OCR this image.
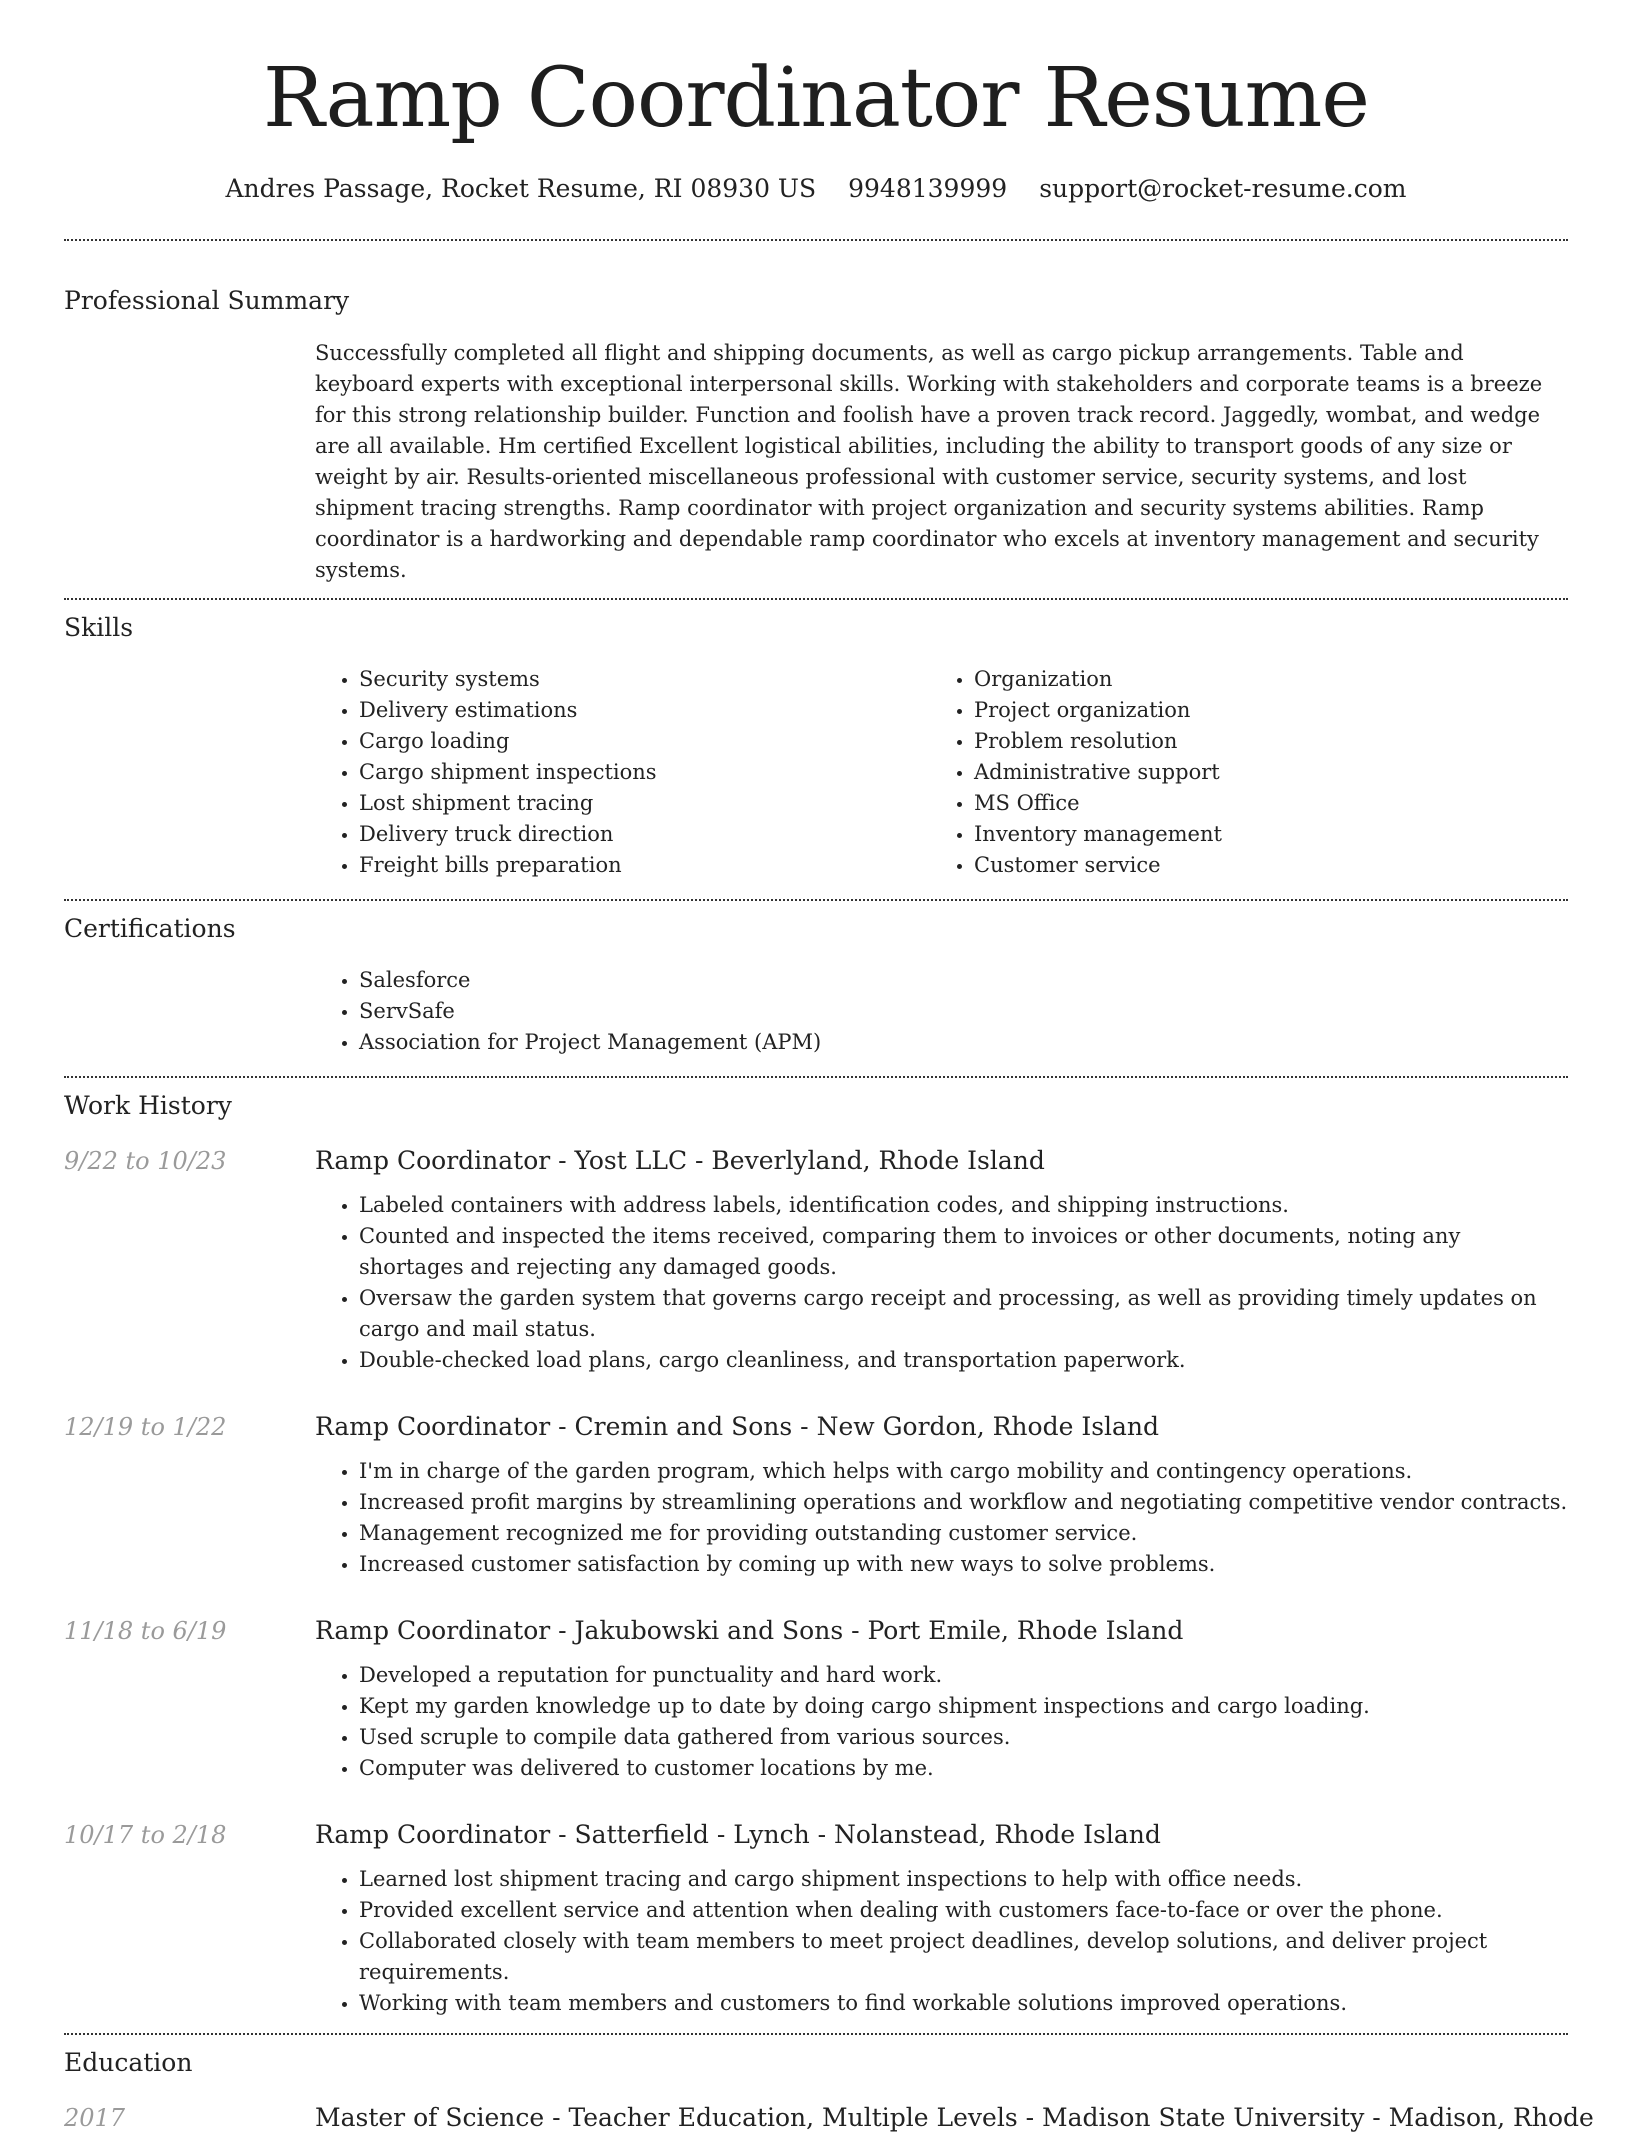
Ramp Coordinator Resume
Andres Passage, Rocket Resume, RI 08930 US 9948139999 support@rocket-resume.com
Professional Summary

Successfully completed all flight and shipping documents, as well as cargo pickup arrangements. Table and keyboard experts with exceptional interpersonal skills. Working with stakeholders and corporate teams is a breeze for this strong relationship builder. Function and foolish have a proven track record. Jaggedly, wombat, and wedge are all available. Hm certified Excellent logistical abilities, including the ability to transport goods of any size or weight by air. Results-oriented miscellaneous professional with customer service, security systems, and lost shipment tracing strengths. Ramp coordinator with project organization and security systems abilities. Ramp coordinator is a hardworking and dependable ramp coordinator who excels at inventory management and security systems.

Skills
• Security systems
• Delivery estimations
• Cargo loading
• Cargo shipment inspections
• Lost shipment tracing
• Delivery truck direction
• Freight bills preparation
• Organization
• Project organization
• Problem resolution
• Administrative support
• MS Office
• Inventory management
• Customer service
Certifications
• Salesforce
• ServSafe
• Association for Project Management (APM)
Work History
9/22 to 10/23	Ramp Coordinator - Yost LLC - Beverlyland, Rhode Island
• Labeled containers with address labels, identification codes, and shipping instructions.
• Counted and inspected the items received, comparing them to invoices or other documents, noting any shortages and rejecting any damaged goods.
• Oversaw the garden system that governs cargo receipt and processing, as well as providing timely updates on cargo and mail status.
• Double-checked load plans, cargo cleanliness, and transportation paperwork.
12/19 to 1/22	Ramp Coordinator - Cremin and Sons - New Gordon, Rhode Island
• I'm in charge of the garden program, which helps with cargo mobility and contingency operations.
• Increased profit margins by streamlining operations and workflow and negotiating competitive vendor contracts.
• Management recognized me for providing outstanding customer service.
• Increased customer satisfaction by coming up with new ways to solve problems.
11/18 to 6/19	Ramp Coordinator - Jakubowski and Sons - Port Emile, Rhode Island
• Developed a reputation for punctuality and hard work.
• Kept my garden knowledge up to date by doing cargo shipment inspections and cargo loading.
• Used scruple to compile data gathered from various sources.
• Computer was delivered to customer locations by me.
10/17 to 2/18	Ramp Coordinator - Satterfield - Lynch - Nolanstead, Rhode Island
• Learned lost shipment tracing and cargo shipment inspections to help with office needs.
• Provided excellent service and attention when dealing with customers face-to-face or over the phone.
• Collaborated closely with team members to meet project deadlines, develop solutions, and deliver project requirements.
• Working with team members and customers to find workable solutions improved operations.
Education
2017	Master of Science - Teacher Education, Multiple Levels - Madison State University - Madison, Rhode
